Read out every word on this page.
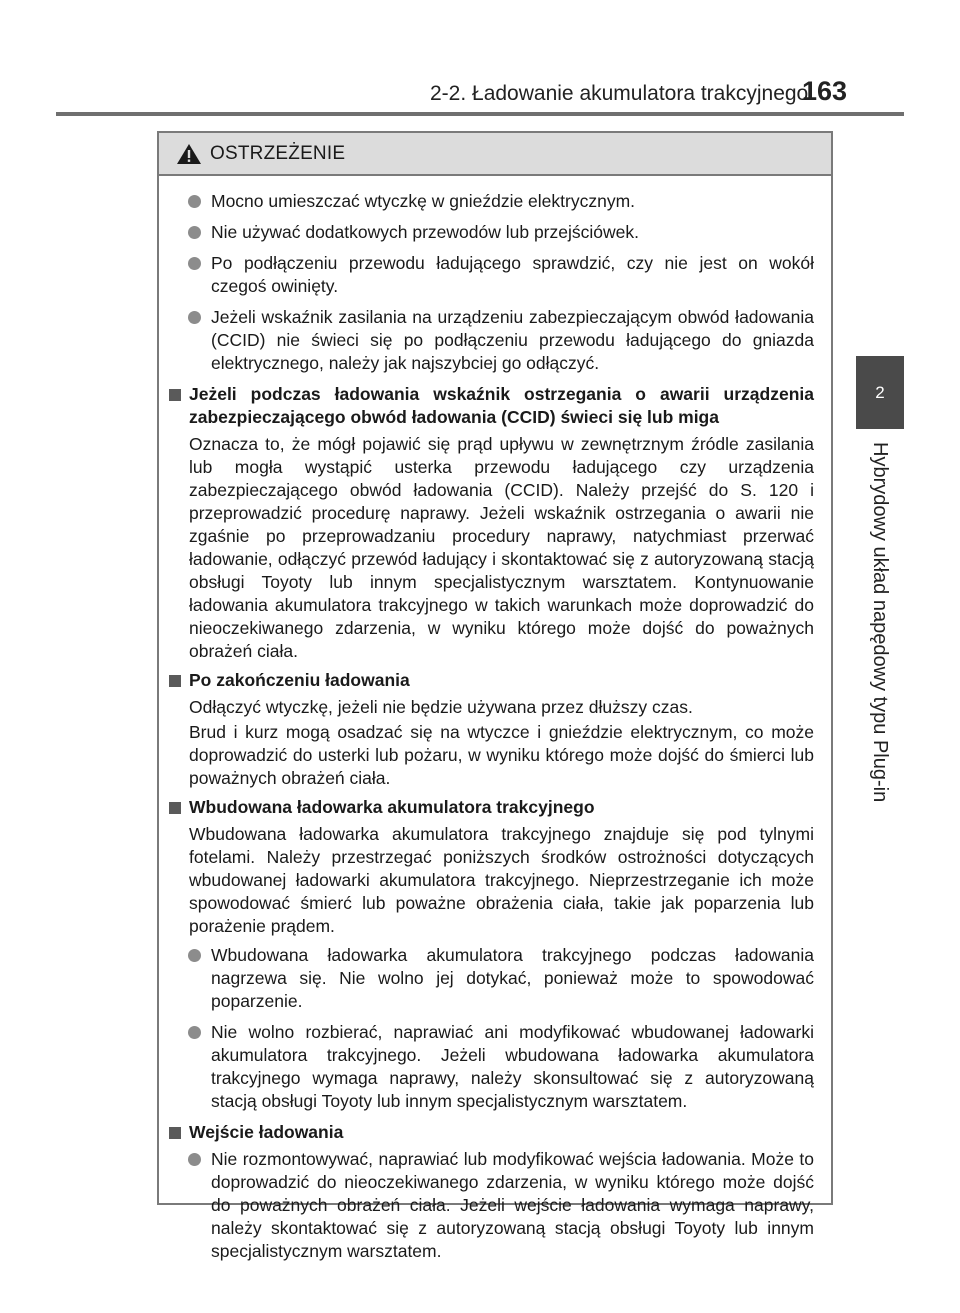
2-2. Ładowanie akumulatora trakcyjnego
163
2
Hybrydowy układ napędowy typu Plug-in
OSTRZEŻENIE
Mocno umieszczać wtyczkę w gnieździe elektrycznym.
Nie używać dodatkowych przewodów lub przejściówek.
Po podłączeniu przewodu ładującego sprawdzić, czy nie jest on wokół czegoś owinięty.
Jeżeli wskaźnik zasilania na urządzeniu zabezpieczającym obwód ładowania (CCID) nie świeci się po podłączeniu przewodu ładującego do gniazda elektrycznego, należy jak najszybciej go odłączyć.
Jeżeli podczas ładowania wskaźnik ostrzegania o awarii urządzenia zabezpieczającego obwód ładowania (CCID) świeci się lub miga
Oznacza to, że mógł pojawić się prąd upływu w zewnętrznym źródle zasilania lub mogła wystąpić usterka przewodu ładującego czy urządzenia zabezpieczającego obwód ładowania (CCID). Należy przejść do S. 120 i przeprowadzić procedurę naprawy. Jeżeli wskaźnik ostrzegania o awarii nie zgaśnie po przeprowadzaniu procedury naprawy, natychmiast przerwać ładowanie, odłączyć przewód ładujący i skontaktować się z autoryzowaną stacją obsługi Toyoty lub innym specjalistycznym warsztatem. Kontynuowanie ładowania akumulatora trakcyjnego w takich warunkach może doprowadzić do nieoczekiwanego zdarzenia, w wyniku którego może dojść do poważnych obrażeń ciała.
Po zakończeniu ładowania
Odłączyć wtyczkę, jeżeli nie będzie używana przez dłuższy czas.
Brud i kurz mogą osadzać się na wtyczce i gnieździe elektrycznym, co może doprowadzić do usterki lub pożaru, w wyniku którego może dojść do śmierci lub poważnych obrażeń ciała.
Wbudowana ładowarka akumulatora trakcyjnego
Wbudowana ładowarka akumulatora trakcyjnego znajduje się pod tylnymi fotelami. Należy przestrzegać poniższych środków ostrożności dotyczących wbudowanej ładowarki akumulatora trakcyjnego. Nieprzestrzeganie ich może spowodować śmierć lub poważne obrażenia ciała, takie jak poparzenia lub porażenie prądem.
Wbudowana ładowarka akumulatora trakcyjnego podczas ładowania nagrzewa się. Nie wolno jej dotykać, ponieważ może to spowodować poparzenie.
Nie wolno rozbierać, naprawiać ani modyfikować wbudowanej ładowarki akumulatora trakcyjnego. Jeżeli wbudowana ładowarka akumulatora trakcyjnego wymaga naprawy, należy skonsultować się z autoryzowaną stacją obsługi Toyoty lub innym specjalistycznym warsztatem.
Wejście ładowania
Nie rozmontowywać, naprawiać lub modyfikować wejścia ładowania. Może to doprowadzić do nieoczekiwanego zdarzenia, w wyniku którego może dojść do poważnych obrażeń ciała. Jeżeli wejście ładowania wymaga naprawy, należy skontaktować się z autoryzowaną stacją obsługi Toyoty lub innym specjalistycznym warsztatem.
